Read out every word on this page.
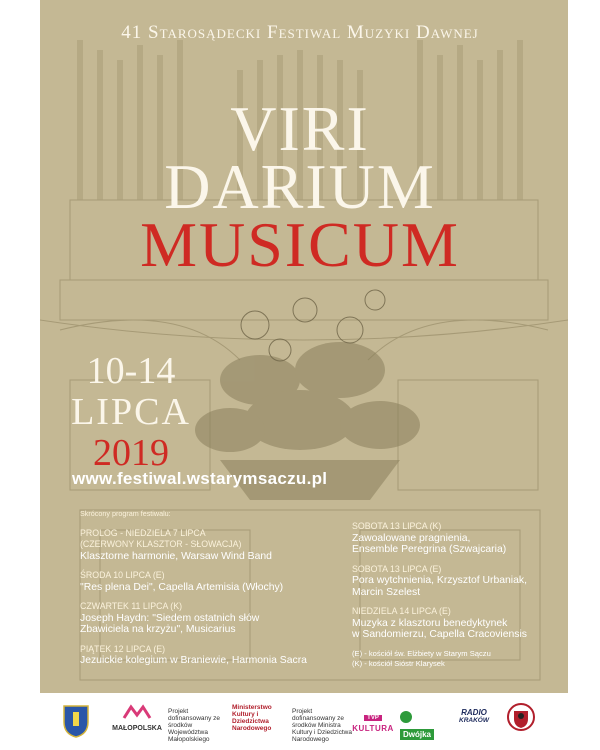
41 Starosądecki Festiwal Muzyki Dawnej
VIRI
DARIUM
MUSICUM
10-14
LIPCA
2019
www.festiwal.wstarymsaczu.pl
Skrócony program festiwalu:
PROLOG - NIEDZIELA 7 LIPCA
(CZERWONY KLASZTOR - SŁOWACJA)
Klasztorne harmonie, Warsaw Wind Band
ŚRODA 10 LIPCA (E)
"Res plena Dei", Capella Artemisia (Włochy)
CZWARTEK 11 LIPCA (K)
Joseph Haydn: "Siedem ostatnich słów
Zbawiciela na krzyżu", Musicarius
PIĄTEK 12 LIPCA (E)
Jezuickie kolegium w Braniewie, Harmonia Sacra
SOBOTA 13 LIPCA (K)
Zawoalowane pragnienia,
Ensemble Peregrina (Szwajcaria)
SOBOTA 13 LIPCA (E)
Pora wytchnienia, Krzysztof Urbaniak,
Marcin Szelest
NIEDZIELA 14 LIPCA (E)
Muzyka z klasztoru benedyktynek
w Sandomierzu, Capella Cracoviensis
(E) - kościół św. Elżbiety w Starym Sączu
(K) - kościół Sióstr Klarysek
MAŁOPOLSKA
Projekt dofinansowany ze środków Województwa Małopolskiego
Ministerstwo Kultury i Dziedzictwa Narodowego
Projekt dofinansowany ze środków Ministra Kultury i Dziedzictwa Narodowego
TVP
KULTURA
Dwójka
RADIO
KRAKÓW
